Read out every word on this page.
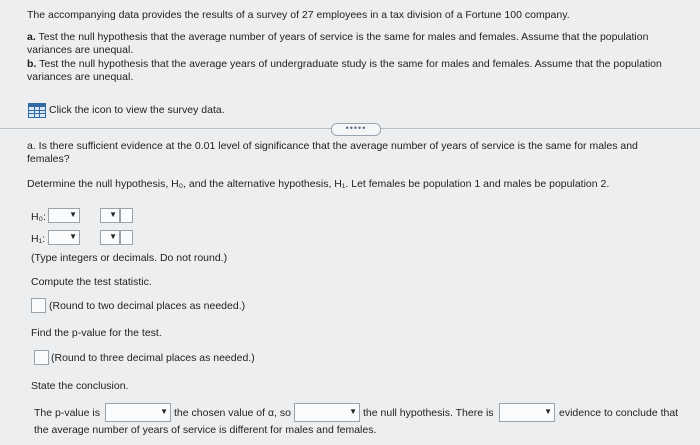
The accompanying data provides the results of a survey of 27 employees in a tax division of a Fortune 100 company.
a. Test the null hypothesis that the average number of years of service is the same for males and females. Assume that the population
variances are unequal.
b. Test the null hypothesis that the average years of undergraduate study is the same for males and females. Assume that the population
variances are unequal.
Click the icon to view the survey data.
•••••
a. Is there sufficient evidence at the 0.01 level of significance that the average number of years of service is the same for males and
females?
Determine the null hypothesis, H₀, and the alternative hypothesis, H₁. Let females be population 1 and males be population 2.
H₀:	▼	▼
H₁:	▼	▼
(Type integers or decimals. Do not round.)
Compute the test statistic.
(Round to two decimal places as needed.)
Find the p-value for the test.
(Round to three decimal places as needed.)
State the conclusion.
The p-value is	▼ the chosen value of α, so	▼ the null hypothesis. There is	▼ evidence to conclude that
the average number of years of service is different for males and females.
